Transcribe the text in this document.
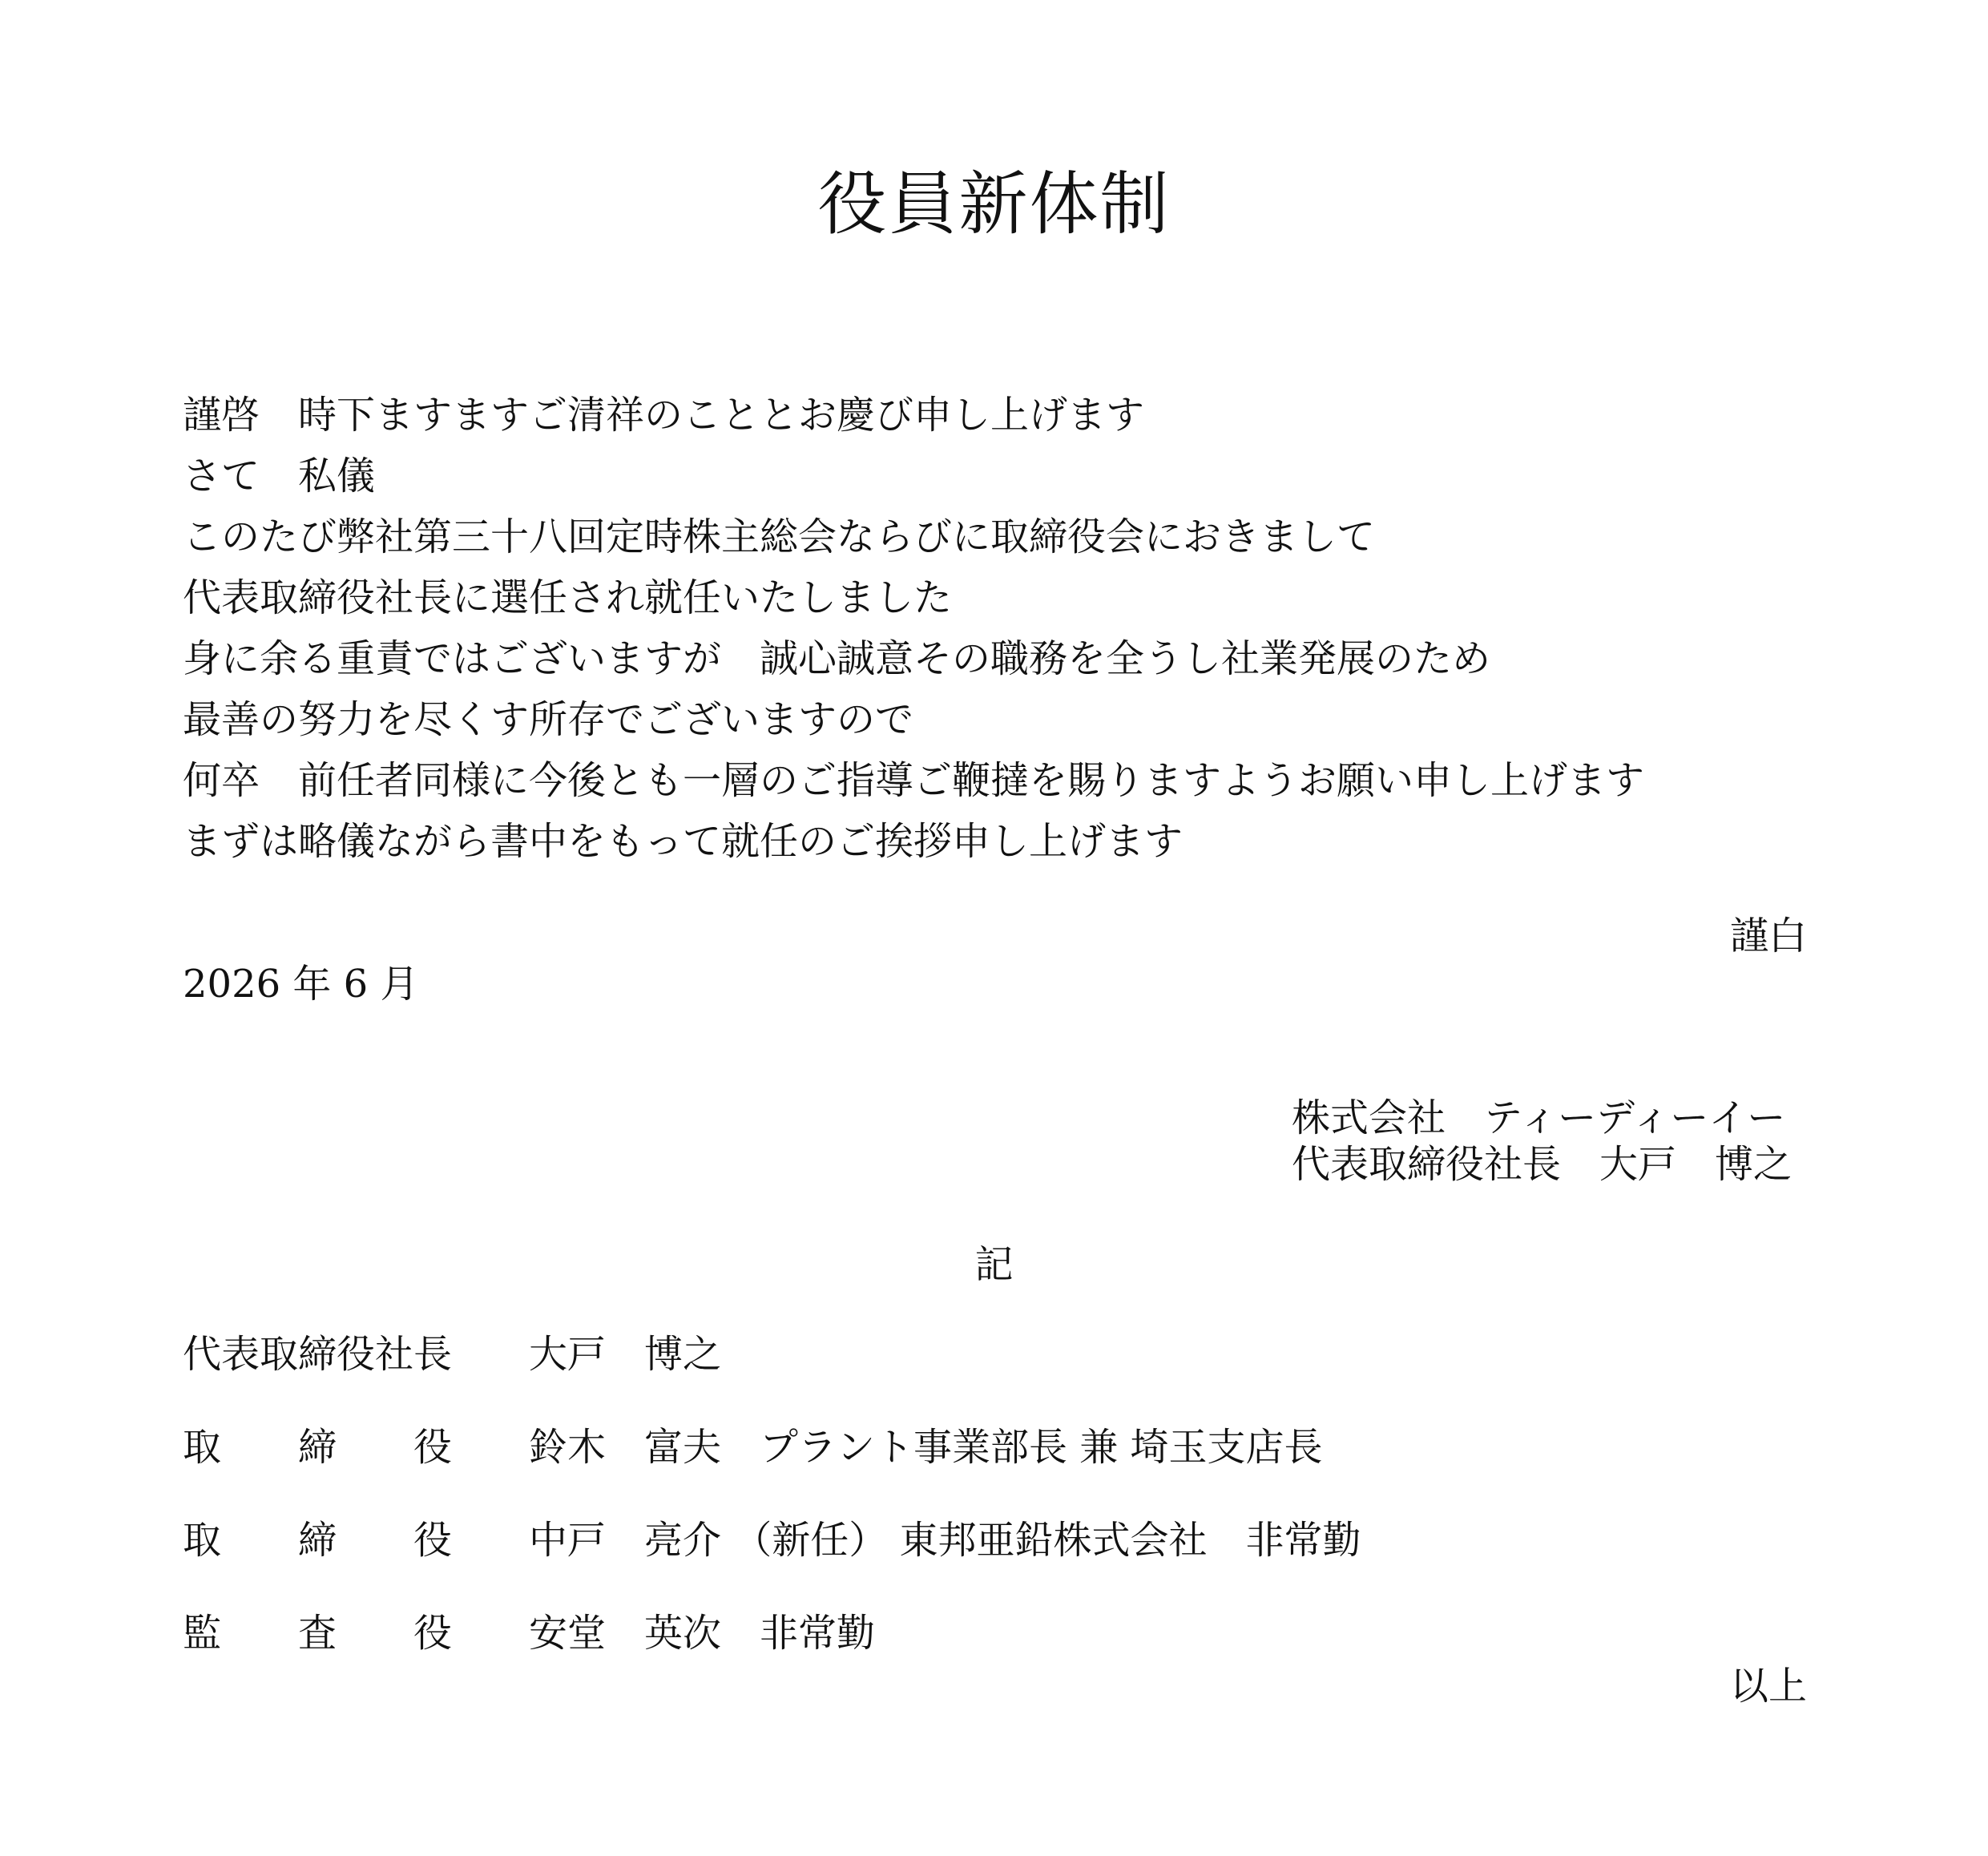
役員新体制
謹啓　時下ますますご清祥のこととお慶び申し上げます
さて　私儀
このたび弊社第三十八回定時株主総会ならびに取締役会におきまして
代表取締役社長に選任され就任いたしました
身に余る重責ではございますが　誠心誠意その職務を全うし社業発展のため
最善の努力を尽くす所存でございますので
何卒　前任者同様に今後とも一層のご指導ご鞭撻を賜りますようお願い申し上げます
まずは略儀ながら書中をもって就任のご挨拶申し上げます
謹白
2026 年 6 月
株式会社　ティーディーイー
代表取締役社長　大戸　博之
記
代表取締役社長　　大戸　博之
取　　締　　役　　鈴木　富夫　プラント事業部長 兼 埼玉支店長
取　　締　　役　　中戸　亮介 （新任） 東邦亜鉛株式会社　非常勤
監　　査　　役　　安堂　英次　非常勤
以上
